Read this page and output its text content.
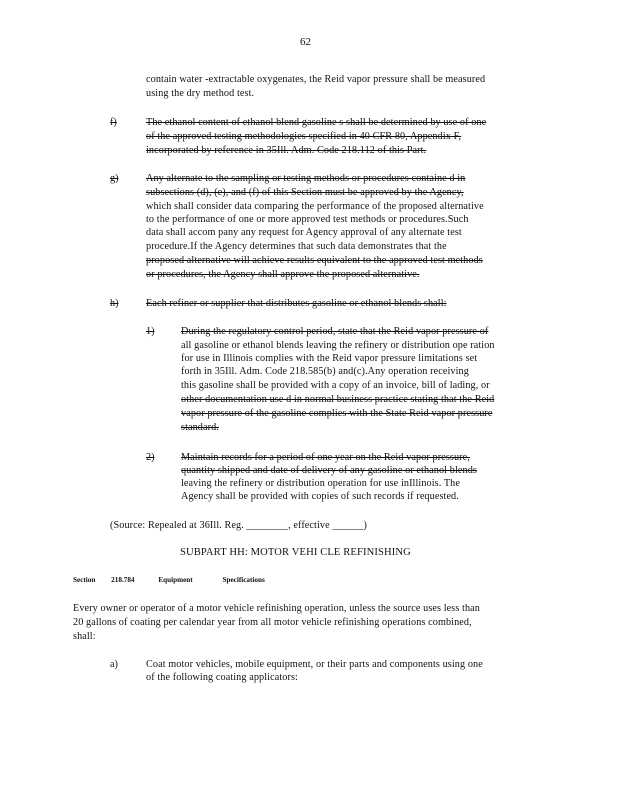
62
contain water -extractable oxygenates, the Reid vapor pressure shall be measured
using the dry method test.
f)	The ethanol content of ethanol blend gasoline s shall be determined by use of one
of the approved testing methodologies specified in 40 CFR 80, Appendix F,
incorporated by reference in 35Ill. Adm. Code 218.112 of this Part.
g)	Any alternate to the sampling or testing methods or procedures containe d in
subsections (d), (e), and (f) of this Section must be approved by the Agency,
which shall consider data comparing the performance of the proposed alternative
to the performance of one or more approved test methods or procedures.Such
data shall accom pany any request for Agency approval of any alternate test
procedure.If the Agency determines that such data demonstrates that the
proposed alternative will achieve results equivalent to the approved test methods
or procedures, the Agency shall approve the proposed alternative.
h)	Each refiner or supplier that distributes gasoline or ethanol blends shall:
1)	During the regulatory control period, state that the Reid vapor pressure of
all gasoline or ethanol blends leaving the refinery or distribution ope ration
for use in Illinois complies with the Reid vapor pressure limitations set
forth in 35Ill. Adm. Code 218.585(b) and(c).Any operation receiving
this gasoline shall be provided with a copy of an invoice, bill of lading, or
other documentation use d in normal business practice stating that the Reid
vapor pressure of the gasoline complies with the State Reid vapor pressure
standard.
2)	Maintain records for a period of one year on the Reid vapor pressure,
quantity shipped and date of delivery of any gasoline or ethanol blends
leaving the refinery or distribution operation for use inIllinois. The
Agency shall be provided with copies of such records if requested.
(Source: Repealed at 36Ill. Reg. ________, effective ______)
SUBPART HH: MOTOR VEHI CLE REFINISHING
Section 218.784	Equipment	Specifications
Every owner or operator of a motor vehicle refinishing operation, unless the source uses less than
20 gallons of coating per calendar year from all motor vehicle refinishing operations combined,
shall:
a)	Coat motor vehicles, mobile equipment, or their parts and components using one
of the following coating applicators:
